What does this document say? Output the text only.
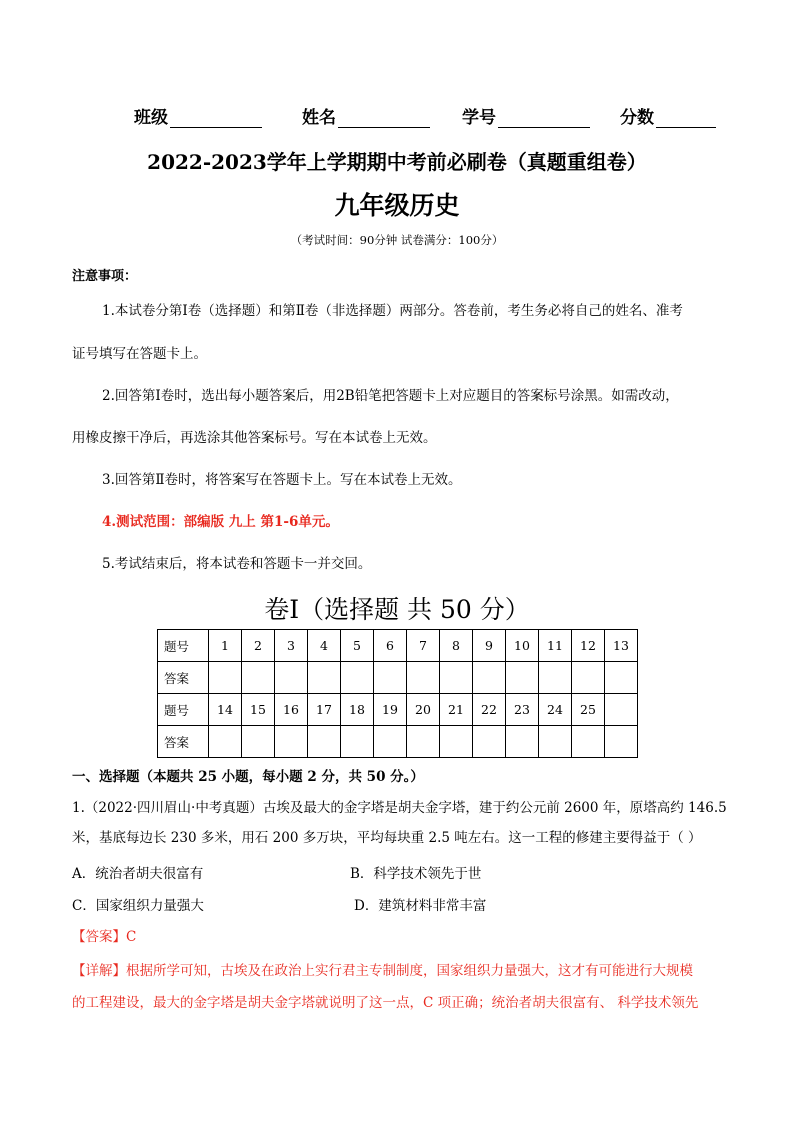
班级	姓名	学号	分数
2022-2023学年上学期期中考前必刷卷（真题重组卷）
九年级历史
（考试时间：90分钟 试卷满分：100分）
注意事项：
1.本试卷分第Ⅰ卷（选择题）和第Ⅱ卷（非选择题）两部分。答卷前，考生务必将自己的姓名、准考
证号填写在答题卡上。
2.回答第Ⅰ卷时，选出每小题答案后，用2B铅笔把答题卡上对应题目的答案标号涂黑。如需改动，
用橡皮擦干净后，再选涂其他答案标号。写在本试卷上无效。
3.回答第Ⅱ卷时，将答案写在答题卡上。写在本试卷上无效。
4.测试范围：部编版 九上 第1-6单元。
5.考试结束后，将本试卷和答题卡一并交回。
卷Ⅰ（选择题 共 50 分）
题号	1	2	3	4	5	6	7	8	9	10	11	12	13
答案													
题号	14	15	16	17	18	19	20	21	22	23	24	25	
答案													
一、选择题（本题共 25 小题，每小题 2 分，共 50 分。）
1.（2022·四川眉山·中考真题）古埃及最大的金字塔是胡夫金字塔，建于约公元前 2600 年，原塔高约 146.5
米，基底每边长 230 多米，用石 200 多万块，平均每块重 2.5 吨左右。这一工程的修建主要得益于（ ）
A．统治者胡夫很富有	B．科学技术领先于世
C．国家组织力量强大	D．建筑材料非常丰富
【答案】C
【详解】根据所学可知，古埃及在政治上实行君主专制制度，国家组织力量强大，这才有可能进行大规模
的工程建设，最大的金字塔是胡夫金字塔就说明了这一点，C 项正确；统治者胡夫很富有、 科学技术领先
